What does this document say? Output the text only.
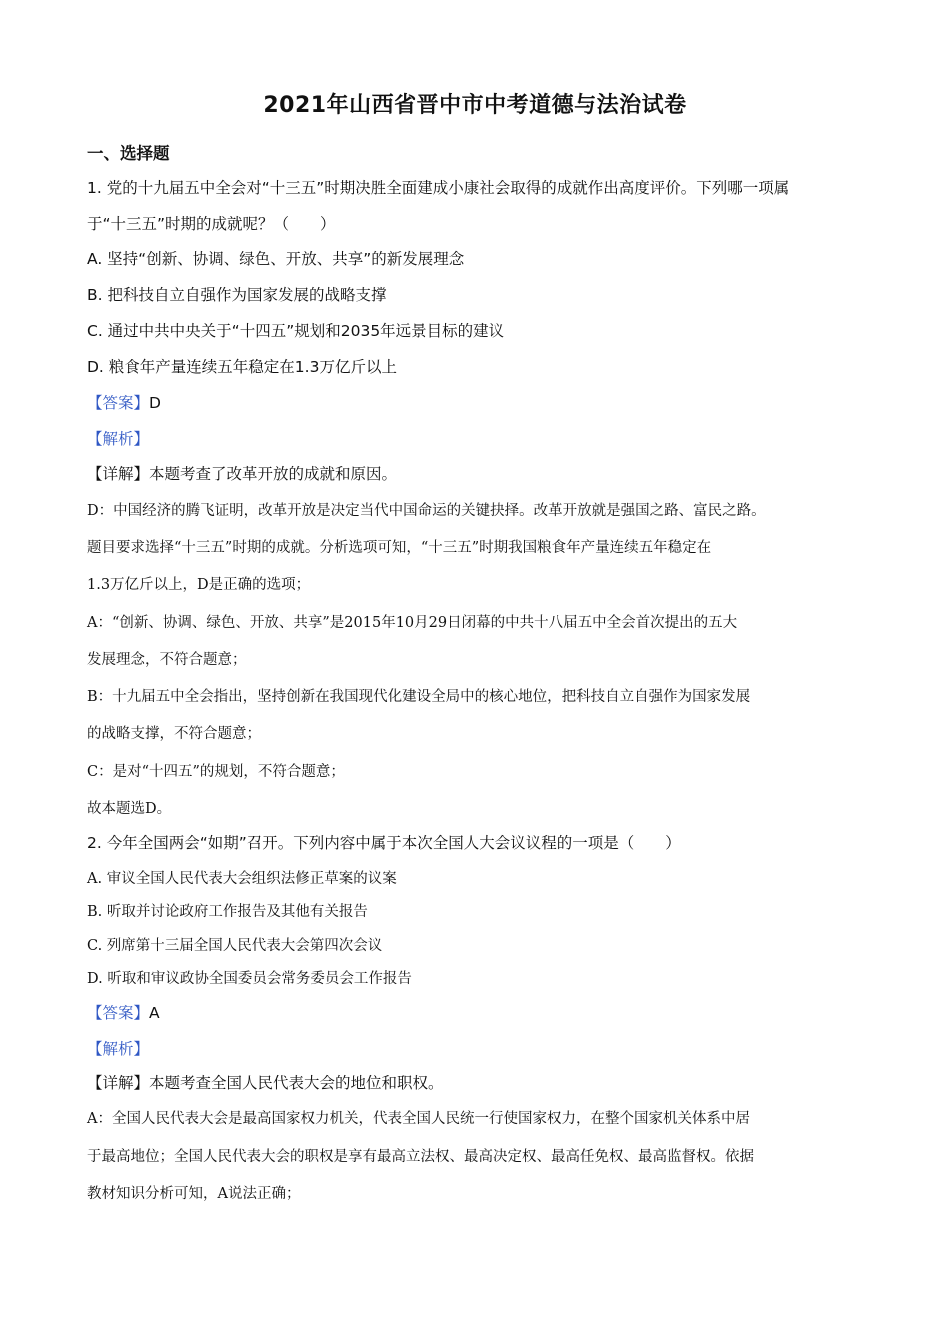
2021年山西省晋中市中考道德与法治试卷
一、选择题
1. 党的十九届五中全会对“十三五”时期决胜全面建成小康社会取得的成就作出高度评价。下列哪一项属
于“十三五”时期的成就呢？（　　）
A. 坚持“创新、协调、绿色、开放、共享”的新发展理念
B. 把科技自立自强作为国家发展的战略支撑
C. 通过中共中央关于“十四五”规划和2035年远景目标的建议
D. 粮食年产量连续五年稳定在1.3万亿斤以上
【答案】D
【解析】
【详解】本题考查了改革开放的成就和原因。
D：中国经济的腾飞证明，改革开放是决定当代中国命运的关键抉择。改革开放就是强国之路、富民之路。
题目要求选择“十三五”时期的成就。分析选项可知，“十三五”时期我国粮食年产量连续五年稳定在
1.3万亿斤以上，D是正确的选项；
A：“创新、协调、绿色、开放、共享”是2015年10月29日闭幕的中共十八届五中全会首次提出的五大
发展理念，不符合题意；
B：十九届五中全会指出，坚持创新在我国现代化建设全局中的核心地位，把科技自立自强作为国家发展
的战略支撑，不符合题意；
C：是对“十四五”的规划，不符合题意；
故本题选D。
2. 今年全国两会“如期”召开。下列内容中属于本次全国人大会议议程的一项是（　　）
A. 审议全国人民代表大会组织法修正草案的议案
B. 听取并讨论政府工作报告及其他有关报告
C. 列席第十三届全国人民代表大会第四次会议
D. 听取和审议政协全国委员会常务委员会工作报告
【答案】A
【解析】
【详解】本题考查全国人民代表大会的地位和职权。
A：全国人民代表大会是最高国家权力机关，代表全国人民统一行使国家权力，在整个国家机关体系中居
于最高地位；全国人民代表大会的职权是享有最高立法权、最高决定权、最高任免权、最高监督权。依据
教材知识分析可知，A说法正确；
